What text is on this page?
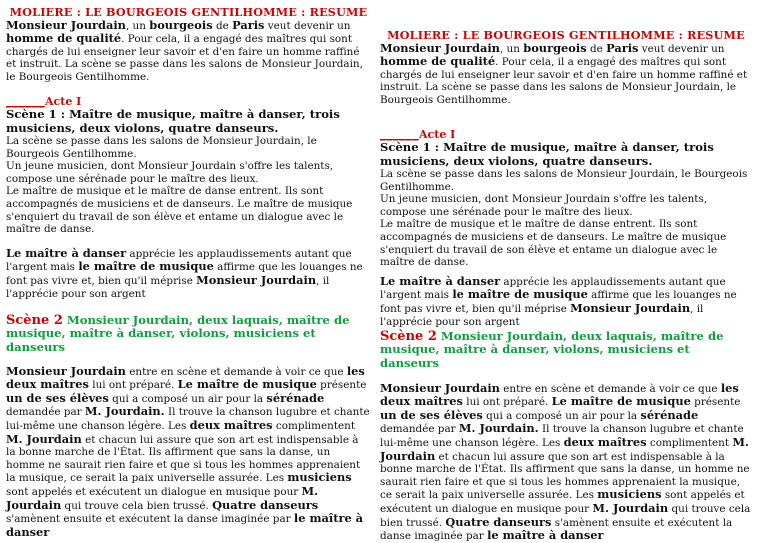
MOLIERE : LE BOURGEOIS GENTILHOMME : RESUME

Monsieur Jourdain, un bourgeois de Paris veut devenir un homme de qualité. Pour cela, il a engagé des maîtres qui sont chargés de lui enseigner leur savoir et d'en faire un homme raffiné et instruit. La scène se passe dans les salons de Monsieur Jourdain, le Bourgeois Gentilhomme.

______Acte I

Scène 1 : Maître de musique, maître à danser, trois musiciens, deux violons, quatre danseurs.

La scène se passe dans les salons de Monsieur Jourdain, le Bourgeois Gentilhomme.

Un jeune musicien, dont Monsieur Jourdain s'offre les talents, compose une sérénade pour le maître des lieux.

Le maître de musique et le maître de danse entrent. Ils sont accompagnés de musiciens et de danseurs. Le maître de musique s'enquiert du travail de son élève et entame un dialogue avec le maître de danse.

Le maître à danser apprécie les applaudissements autant que l'argent mais le maître de musique affirme que les louanges ne font pas vivre et, bien qu'il méprise Monsieur Jourdain, il l'apprécie pour son argent

Scène 2 Monsieur Jourdain, deux laquais, maître de musique, maître à danser, violons, musiciens et danseurs

Monsieur Jourdain entre en scène et demande à voir ce que les deux maîtres lui ont préparé. Le maître de musique présente un de ses élèves qui a composé un air pour la sérénade demandée par M. Jourdain. Il trouve la chanson lugubre et chante lui-même une chanson légère. Les deux maîtres complimentent M. Jourdain et chacun lui assure que son art est indispensable à la bonne marche de l'État. Ils affirment que sans la danse, un homme ne saurait rien faire et que si tous les hommes apprenaient la musique, ce serait la paix universelle assurée. Les musiciens sont appelés et exécutent un dialogue en musique pour M. Jourdain qui trouve cela bien trussé. Quatre danseurs s'amènent ensuite et exécutent la danse imaginée par le maître à danser

MOLIERE : LE BOURGEOIS GENTILHOMME : RESUME

Monsieur Jourdain, un bourgeois de Paris veut devenir un homme de qualité. Pour cela, il a engagé des maîtres qui sont chargés de lui enseigner leur savoir et d'en faire un homme raffiné et instruit. La scène se passe dans les salons de Monsieur Jourdain, le Bourgeois Gentilhomme.

______Acte I

Scène 1 : Maître de musique, maître à danser, trois musiciens, deux violons, quatre danseurs.

La scène se passe dans les salons de Monsieur Jourdain, le Bourgeois Gentilhomme.

Un jeune musicien, dont Monsieur Jourdain s'offre les talents, compose une sérénade pour le maître des lieux.

Le maître de musique et le maître de danse entrent. Ils sont accompagnés de musiciens et de danseurs. Le maître de musique s'enquiert du travail de son élève et entame un dialogue avec le maître de danse.

Le maître à danser apprécie les applaudissements autant que l'argent mais le maître de musique affirme que les louanges ne font pas vivre et, bien qu'il méprise Monsieur Jourdain, il l'apprécie pour son argent

Scène 2 Monsieur Jourdain, deux laquais, maître de musique, maître à danser, violons, musiciens et danseurs

Monsieur Jourdain entre en scène et demande à voir ce que les deux maîtres lui ont préparé. Le maître de musique présente un de ses élèves qui a composé un air pour la sérénade demandée par M. Jourdain. Il trouve la chanson lugubre et chante lui-même une chanson légère. Les deux maîtres complimentent M. Jourdain et chacun lui assure que son art est indispensable à la bonne marche de l'État. Ils affirment que sans la danse, un homme ne saurait rien faire et que si tous les hommes apprenaient la musique, ce serait la paix universelle assurée. Les musiciens sont appelés et exécutent un dialogue en musique pour M. Jourdain qui trouve cela bien trussé. Quatre danseurs s'amènent ensuite et exécutent la danse imaginée par le maître à danser
